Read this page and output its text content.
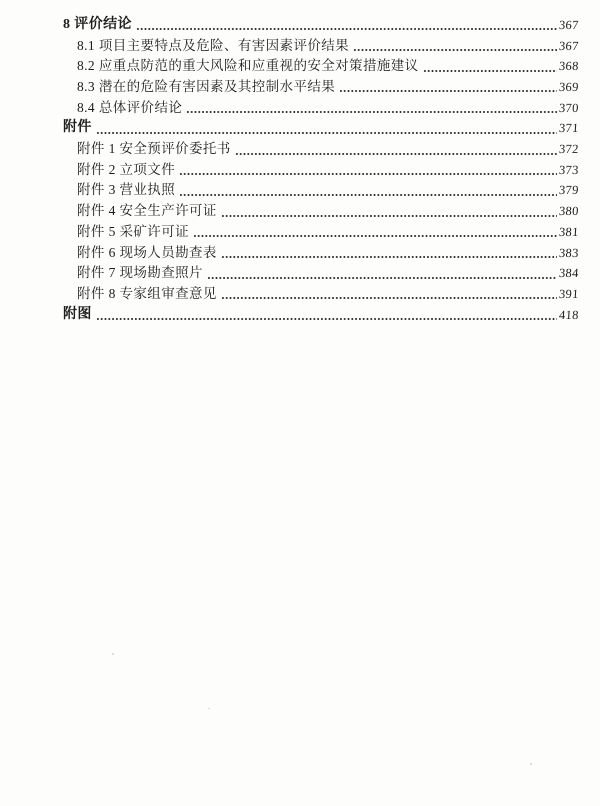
8 评价结论	367
8.1 项目主要特点及危险、有害因素评价结果	367
8.2 应重点防范的重大风险和应重视的安全对策措施建议	368
8.3 潜在的危险有害因素及其控制水平结果	369
8.4 总体评价结论	370
附件	371
附件 1 安全预评价委托书	372
附件 2 立项文件	373
附件 3 营业执照	379
附件 4 安全生产许可证	380
附件 5 采矿许可证	381
附件 6 现场人员勘查表	383
附件 7 现场勘查照片	384
附件 8 专家组审查意见	391
附图	418
